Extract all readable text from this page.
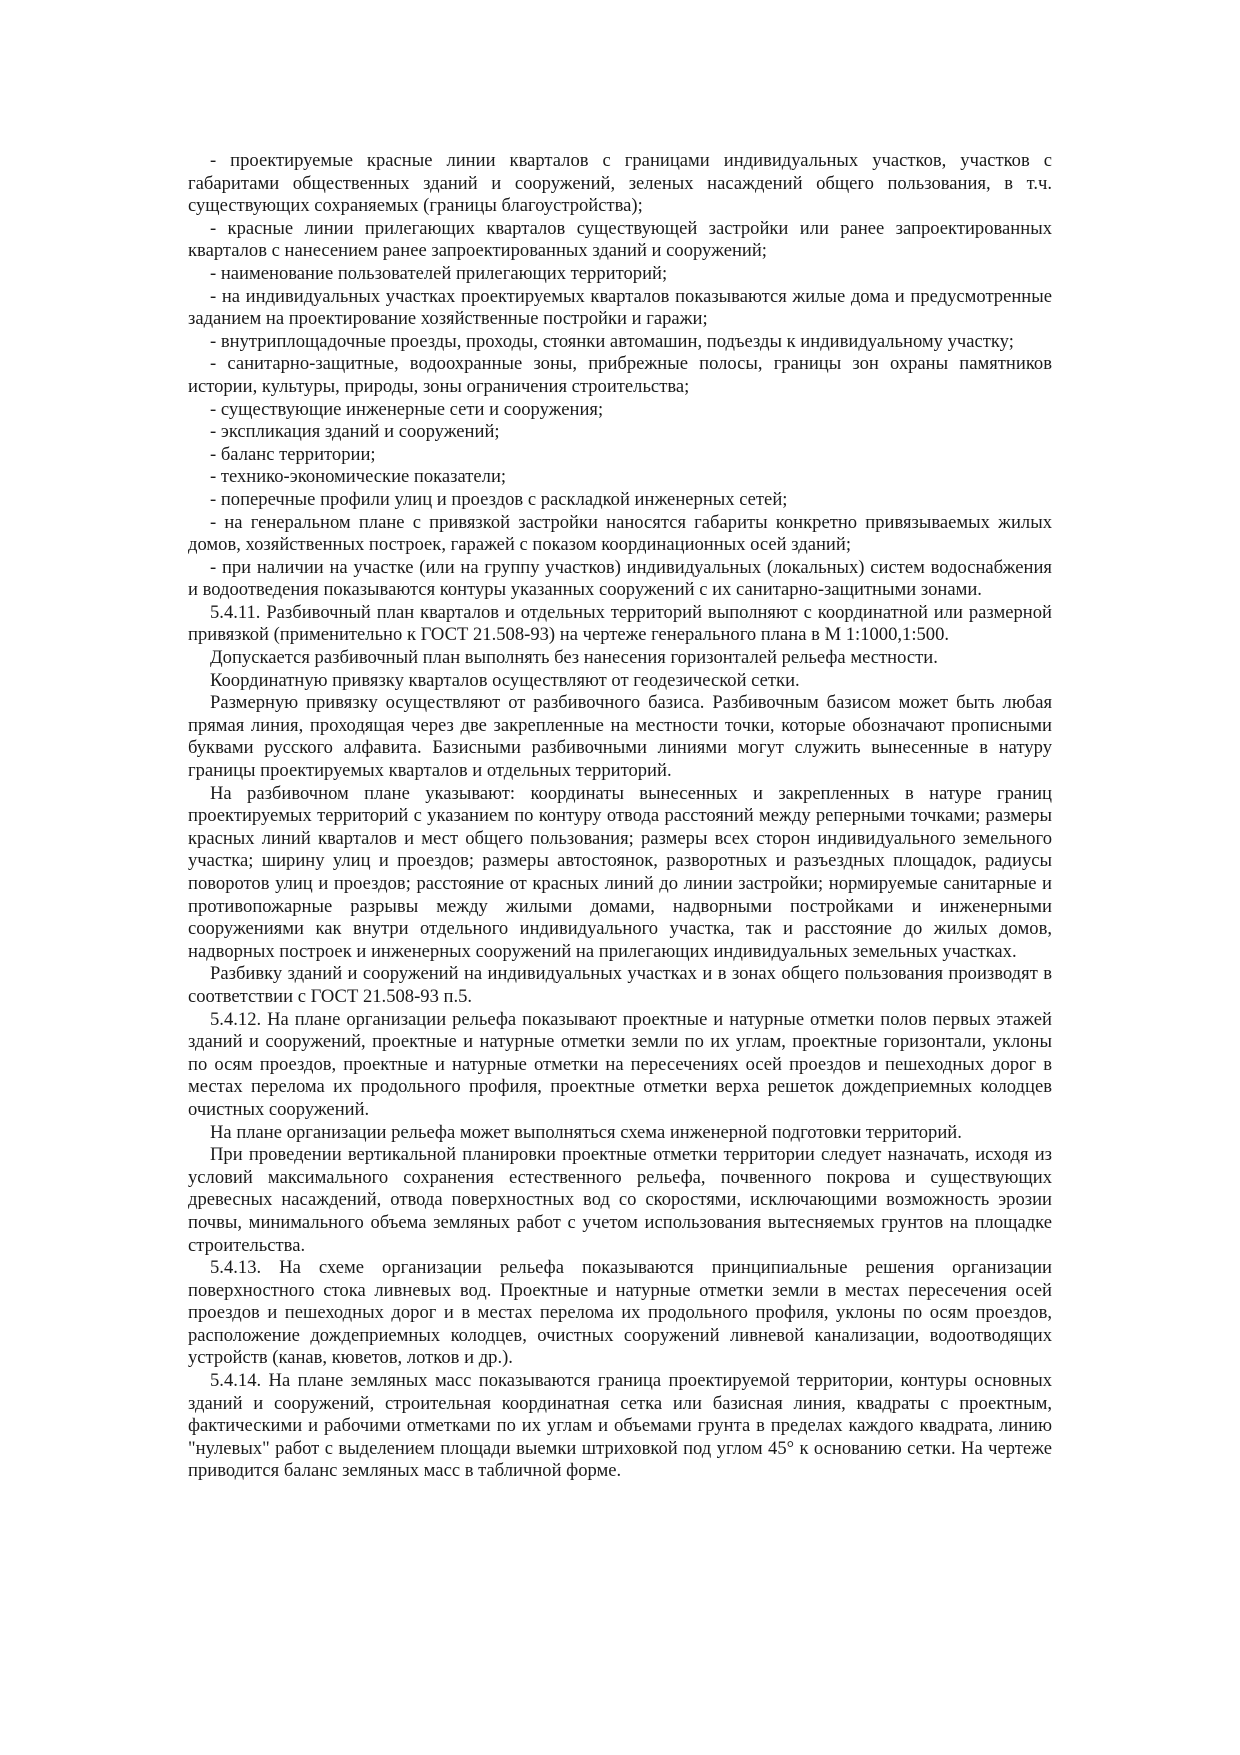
- проектируемые красные линии кварталов с границами индивидуальных участков, участков с габаритами общественных зданий и сооружений, зеленых насаждений общего пользования, в т.ч. существующих сохраняемых (границы благоустройства);

- красные линии прилегающих кварталов существующей застройки или ранее запроектированных кварталов с нанесением ранее запроектированных зданий и сооружений;

- наименование пользователей прилегающих территорий;

- на индивидуальных участках проектируемых кварталов показываются жилые дома и предусмотренные заданием на проектирование хозяйственные постройки и гаражи;

- внутриплощадочные проезды, проходы, стоянки автомашин, подъезды к индивидуальному участку;

- санитарно-защитные, водоохранные зоны, прибрежные полосы, границы зон охраны памятников истории, культуры, природы, зоны ограничения строительства;

- существующие инженерные сети и сооружения;

- экспликация зданий и сооружений;

- баланс территории;

- технико-экономические показатели;

- поперечные профили улиц и проездов с раскладкой инженерных сетей;

- на генеральном плане с привязкой застройки наносятся габариты конкретно привязываемых жилых домов, хозяйственных построек, гаражей с показом координационных осей зданий;

- при наличии на участке (или на группу участков) индивидуальных (локальных) систем водоснабжения и водоотведения показываются контуры указанных сооружений с их санитарно-защитными зонами.

5.4.11. Разбивочный план кварталов и отдельных территорий выполняют с координатной или размерной привязкой (применительно к ГОСТ 21.508-93) на чертеже генерального плана в М 1:1000,1:500.

Допускается разбивочный план выполнять без нанесения горизонталей рельефа местности.

Координатную привязку кварталов осуществляют от геодезической сетки.

Размерную привязку осуществляют от разбивочного базиса. Разбивочным базисом может быть любая прямая линия, проходящая через две закрепленные на местности точки, которые обозначают прописными буквами русского алфавита. Базисными разбивочными линиями могут служить вынесенные в натуру границы проектируемых кварталов и отдельных территорий.

На разбивочном плане указывают: координаты вынесенных и закрепленных в натуре границ проектируемых территорий с указанием по контуру отвода расстояний между реперными точками; размеры красных линий кварталов и мест общего пользования; размеры всех сторон индивидуального земельного участка; ширину улиц и проездов; размеры автостоянок, разворотных и разъездных площадок, радиусы поворотов улиц и проездов; расстояние от красных линий до линии застройки; нормируемые санитарные и противопожарные разрывы между жилыми домами, надворными постройками и инженерными сооружениями как внутри отдельного индивидуального участка, так и расстояние до жилых домов, надворных построек и инженерных сооружений на прилегающих индивидуальных земельных участках.

Разбивку зданий и сооружений на индивидуальных участках и в зонах общего пользования производят в соответствии с ГОСТ 21.508-93 п.5.

5.4.12. На плане организации рельефа показывают проектные и натурные отметки полов первых этажей зданий и сооружений, проектные и натурные отметки земли по их углам, проектные горизонтали, уклоны по осям проездов, проектные и натурные отметки на пересечениях осей проездов и пешеходных дорог в местах перелома их продольного профиля, проектные отметки верха решеток дождеприемных колодцев очистных сооружений.

На плане организации рельефа может выполняться схема инженерной подготовки территорий.

При проведении вертикальной планировки проектные отметки территории следует назначать, исходя из условий максимального сохранения естественного рельефа, почвенного покрова и существующих древесных насаждений, отвода поверхностных вод со скоростями, исключающими возможность эрозии почвы, минимального объема земляных работ с учетом использования вытесняемых грунтов на площадке строительства.

5.4.13. На схеме организации рельефа показываются принципиальные решения организации поверхностного стока ливневых вод. Проектные и натурные отметки земли в местах пересечения осей проездов и пешеходных дорог и в местах перелома их продольного профиля, уклоны по осям проездов, расположение дождеприемных колодцев, очистных сооружений ливневой канализации, водоотводящих устройств (канав, кюветов, лотков и др.).

5.4.14. На плане земляных масс показываются граница проектируемой территории, контуры основных зданий и сооружений, строительная координатная сетка или базисная линия, квадраты с проектным, фактическими и рабочими отметками по их углам и объемами грунта в пределах каждого квадрата, линию "нулевых" работ с выделением площади выемки штриховкой под углом 45° к основанию сетки. На чертеже приводится баланс земляных масс в табличной форме.
